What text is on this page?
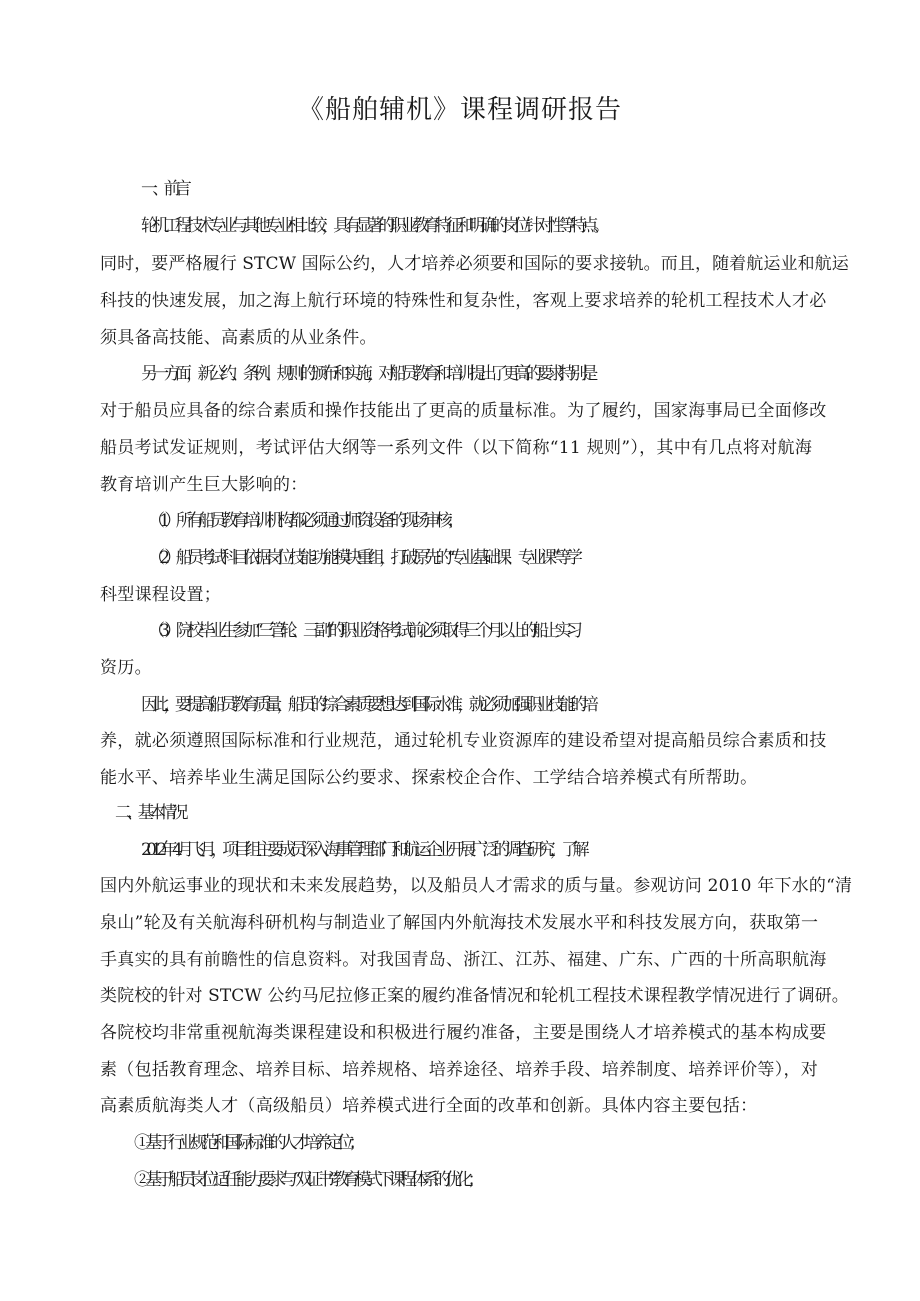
《船舶辅机》课程调研报告
一、前言
轮机工程技术专业与其他专业相比较，具有显著的职业教育特征和明确的岗位针对性等特点。
同时，要严格履行 STCW 国际公约，人才培养必须要和国际的要求接轨。而且，随着航运业和航运
科技的快速发展，加之海上航行环境的特殊性和复杂性，客观上要求培养的轮机工程技术人才必
须具备高技能、高素质的从业条件。
另一方面，新公约、条例、规则的颁布和实施，对船员教育和培训提出了更高的要求,特别是
对于船员应具备的综合素质和操作技能出了更高的质量标准。为了履约，国家海事局已全面修改
船员考试发证规则，考试评估大纲等一系列文件（以下简称“11 规则”），其中有几点将对航海
教育培训产生巨大影响的：
（1）所有船员教育培训机构都必须通过师资设备的现场审核；
（2）船员考试科目依据岗位技能功能模块重组，打破原先的“专业基础课、专业课”等学
科型课程设置；
（3）院校毕业生参加“三管轮、三副”的职业资格考试前必须取得三个月以上的船上实习
资历。
因此，要提高船员教育质量，船员的综合素质要想达到国际水准，就必须加强职业技能的培
养，就必须遵照国际标准和行业规范，通过轮机专业资源库的建设希望对提高船员综合素质和技
能水平、培养毕业生满足国际公约要求、探索校企合作、工学结合培养模式有所帮助。
二、基本情况
2012 年 4 月飞月，项目组主要成员深入海事管理部门和航运企业开展广泛的调查研究，了解
国内外航运事业的现状和未来发展趋势，以及船员人才需求的质与量。参观访问 2010 年下水的“清
泉山”轮及有关航海科研机构与制造业了解国内外航海技术发展水平和科技发展方向，获取第一
手真实的具有前瞻性的信息资料。对我国青岛、浙江、江苏、福建、广东、广西的十所高职航海
类院校的针对 STCW 公约马尼拉修正案的履约准备情况和轮机工程技术课程教学情况进行了调研。
各院校均非常重视航海类课程建设和积极进行履约准备，主要是围绕人才培养模式的基本构成要
素（包括教育理念、培养目标、培养规格、培养途径、培养手段、培养制度、培养评价等），对
高素质航海类人才（高级船员）培养模式进行全面的改革和创新。具体内容主要包括：
①基于行业规范和国际标准的人才培养定位；
②基于船员岗位适任能力要求与“双证书”教育模式下课程体系的优化；
